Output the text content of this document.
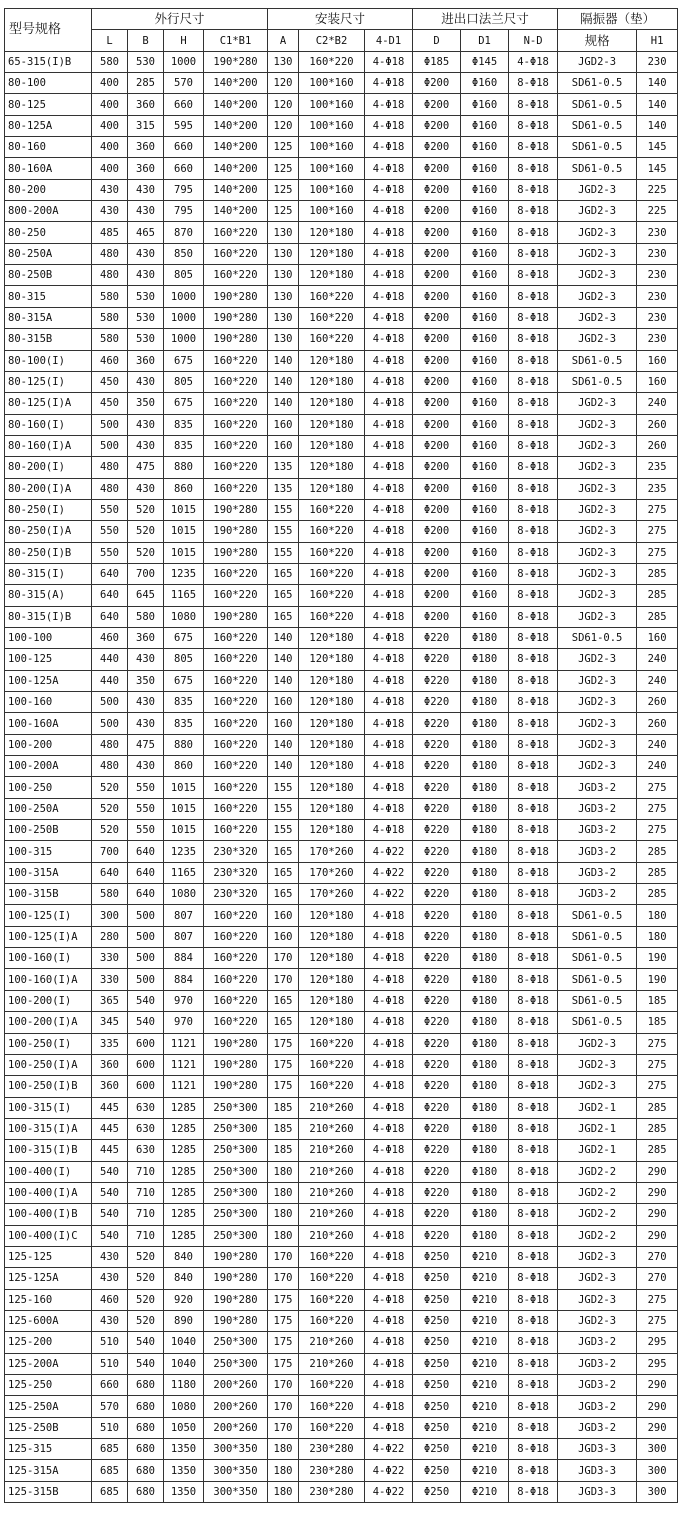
型号规格	外行尺寸				安装尺寸			进出口法兰尺寸			隔振器（垫）	
	L	B	H	C1*B1	A	C2*B2	4-D1	D	D1	N-D	规格	H1
65-315(I)B	580	530	1000	190*280	130	160*220	4-Φ18	Φ185	Φ145	4-Φ18	JGD2-3	230
80-100	400	285	570	140*200	120	100*160	4-Φ18	Φ200	Φ160	8-Φ18	SD61-0.5	140
80-125	400	360	660	140*200	120	100*160	4-Φ18	Φ200	Φ160	8-Φ18	SD61-0.5	140
80-125A	400	315	595	140*200	120	100*160	4-Φ18	Φ200	Φ160	8-Φ18	SD61-0.5	140
80-160	400	360	660	140*200	125	100*160	4-Φ18	Φ200	Φ160	8-Φ18	SD61-0.5	145
80-160A	400	360	660	140*200	125	100*160	4-Φ18	Φ200	Φ160	8-Φ18	SD61-0.5	145
80-200	430	430	795	140*200	125	100*160	4-Φ18	Φ200	Φ160	8-Φ18	JGD2-3	225
800-200A	430	430	795	140*200	125	100*160	4-Φ18	Φ200	Φ160	8-Φ18	JGD2-3	225
80-250	485	465	870	160*220	130	120*180	4-Φ18	Φ200	Φ160	8-Φ18	JGD2-3	230
80-250A	480	430	850	160*220	130	120*180	4-Φ18	Φ200	Φ160	8-Φ18	JGD2-3	230
80-250B	480	430	805	160*220	130	120*180	4-Φ18	Φ200	Φ160	8-Φ18	JGD2-3	230
80-315	580	530	1000	190*280	130	160*220	4-Φ18	Φ200	Φ160	8-Φ18	JGD2-3	230
80-315A	580	530	1000	190*280	130	160*220	4-Φ18	Φ200	Φ160	8-Φ18	JGD2-3	230
80-315B	580	530	1000	190*280	130	160*220	4-Φ18	Φ200	Φ160	8-Φ18	JGD2-3	230
80-100(I)	460	360	675	160*220	140	120*180	4-Φ18	Φ200	Φ160	8-Φ18	SD61-0.5	160
80-125(I)	450	430	805	160*220	140	120*180	4-Φ18	Φ200	Φ160	8-Φ18	SD61-0.5	160
80-125(I)A	450	350	675	160*220	140	120*180	4-Φ18	Φ200	Φ160	8-Φ18	JGD2-3	240
80-160(I)	500	430	835	160*220	160	120*180	4-Φ18	Φ200	Φ160	8-Φ18	JGD2-3	260
80-160(I)A	500	430	835	160*220	160	120*180	4-Φ18	Φ200	Φ160	8-Φ18	JGD2-3	260
80-200(I)	480	475	880	160*220	135	120*180	4-Φ18	Φ200	Φ160	8-Φ18	JGD2-3	235
80-200(I)A	480	430	860	160*220	135	120*180	4-Φ18	Φ200	Φ160	8-Φ18	JGD2-3	235
80-250(I)	550	520	1015	190*280	155	160*220	4-Φ18	Φ200	Φ160	8-Φ18	JGD2-3	275
80-250(I)A	550	520	1015	190*280	155	160*220	4-Φ18	Φ200	Φ160	8-Φ18	JGD2-3	275
80-250(I)B	550	520	1015	190*280	155	160*220	4-Φ18	Φ200	Φ160	8-Φ18	JGD2-3	275
80-315(I)	640	700	1235	160*220	165	160*220	4-Φ18	Φ200	Φ160	8-Φ18	JGD2-3	285
80-315(A)	640	645	1165	160*220	165	160*220	4-Φ18	Φ200	Φ160	8-Φ18	JGD2-3	285
80-315(I)B	640	580	1080	190*280	165	160*220	4-Φ18	Φ200	Φ160	8-Φ18	JGD2-3	285
100-100	460	360	675	160*220	140	120*180	4-Φ18	Φ220	Φ180	8-Φ18	SD61-0.5	160
100-125	440	430	805	160*220	140	120*180	4-Φ18	Φ220	Φ180	8-Φ18	JGD2-3	240
100-125A	440	350	675	160*220	140	120*180	4-Φ18	Φ220	Φ180	8-Φ18	JGD2-3	240
100-160	500	430	835	160*220	160	120*180	4-Φ18	Φ220	Φ180	8-Φ18	JGD2-3	260
100-160A	500	430	835	160*220	160	120*180	4-Φ18	Φ220	Φ180	8-Φ18	JGD2-3	260
100-200	480	475	880	160*220	140	120*180	4-Φ18	Φ220	Φ180	8-Φ18	JGD2-3	240
100-200A	480	430	860	160*220	140	120*180	4-Φ18	Φ220	Φ180	8-Φ18	JGD2-3	240
100-250	520	550	1015	160*220	155	120*180	4-Φ18	Φ220	Φ180	8-Φ18	JGD3-2	275
100-250A	520	550	1015	160*220	155	120*180	4-Φ18	Φ220	Φ180	8-Φ18	JGD3-2	275
100-250B	520	550	1015	160*220	155	120*180	4-Φ18	Φ220	Φ180	8-Φ18	JGD3-2	275
100-315	700	640	1235	230*320	165	170*260	4-Φ22	Φ220	Φ180	8-Φ18	JGD3-2	285
100-315A	640	640	1165	230*320	165	170*260	4-Φ22	Φ220	Φ180	8-Φ18	JGD3-2	285
100-315B	580	640	1080	230*320	165	170*260	4-Φ22	Φ220	Φ180	8-Φ18	JGD3-2	285
100-125(I)	300	500	807	160*220	160	120*180	4-Φ18	Φ220	Φ180	8-Φ18	SD61-0.5	180
100-125(I)A	280	500	807	160*220	160	120*180	4-Φ18	Φ220	Φ180	8-Φ18	SD61-0.5	180
100-160(I)	330	500	884	160*220	170	120*180	4-Φ18	Φ220	Φ180	8-Φ18	SD61-0.5	190
100-160(I)A	330	500	884	160*220	170	120*180	4-Φ18	Φ220	Φ180	8-Φ18	SD61-0.5	190
100-200(I)	365	540	970	160*220	165	120*180	4-Φ18	Φ220	Φ180	8-Φ18	SD61-0.5	185
100-200(I)A	345	540	970	160*220	165	120*180	4-Φ18	Φ220	Φ180	8-Φ18	SD61-0.5	185
100-250(I)	335	600	1121	190*280	175	160*220	4-Φ18	Φ220	Φ180	8-Φ18	JGD2-3	275
100-250(I)A	360	600	1121	190*280	175	160*220	4-Φ18	Φ220	Φ180	8-Φ18	JGD2-3	275
100-250(I)B	360	600	1121	190*280	175	160*220	4-Φ18	Φ220	Φ180	8-Φ18	JGD2-3	275
100-315(I)	445	630	1285	250*300	185	210*260	4-Φ18	Φ220	Φ180	8-Φ18	JGD2-1	285
100-315(I)A	445	630	1285	250*300	185	210*260	4-Φ18	Φ220	Φ180	8-Φ18	JGD2-1	285
100-315(I)B	445	630	1285	250*300	185	210*260	4-Φ18	Φ220	Φ180	8-Φ18	JGD2-1	285
100-400(I)	540	710	1285	250*300	180	210*260	4-Φ18	Φ220	Φ180	8-Φ18	JGD2-2	290
100-400(I)A	540	710	1285	250*300	180	210*260	4-Φ18	Φ220	Φ180	8-Φ18	JGD2-2	290
100-400(I)B	540	710	1285	250*300	180	210*260	4-Φ18	Φ220	Φ180	8-Φ18	JGD2-2	290
100-400(I)C	540	710	1285	250*300	180	210*260	4-Φ18	Φ220	Φ180	8-Φ18	JGD2-2	290
125-125	430	520	840	190*280	170	160*220	4-Φ18	Φ250	Φ210	8-Φ18	JGD2-3	270
125-125A	430	520	840	190*280	170	160*220	4-Φ18	Φ250	Φ210	8-Φ18	JGD2-3	270
125-160	460	520	920	190*280	175	160*220	4-Φ18	Φ250	Φ210	8-Φ18	JGD2-3	275
125-600A	430	520	890	190*280	175	160*220	4-Φ18	Φ250	Φ210	8-Φ18	JGD2-3	275
125-200	510	540	1040	250*300	175	210*260	4-Φ18	Φ250	Φ210	8-Φ18	JGD3-2	295
125-200A	510	540	1040	250*300	175	210*260	4-Φ18	Φ250	Φ210	8-Φ18	JGD3-2	295
125-250	660	680	1180	200*260	170	160*220	4-Φ18	Φ250	Φ210	8-Φ18	JGD3-2	290
125-250A	570	680	1080	200*260	170	160*220	4-Φ18	Φ250	Φ210	8-Φ18	JGD3-2	290
125-250B	510	680	1050	200*260	170	160*220	4-Φ18	Φ250	Φ210	8-Φ18	JGD3-2	290
125-315	685	680	1350	300*350	180	230*280	4-Φ22	Φ250	Φ210	8-Φ18	JGD3-3	300
125-315A	685	680	1350	300*350	180	230*280	4-Φ22	Φ250	Φ210	8-Φ18	JGD3-3	300
125-315B	685	680	1350	300*350	180	230*280	4-Φ22	Φ250	Φ210	8-Φ18	JGD3-3	300
